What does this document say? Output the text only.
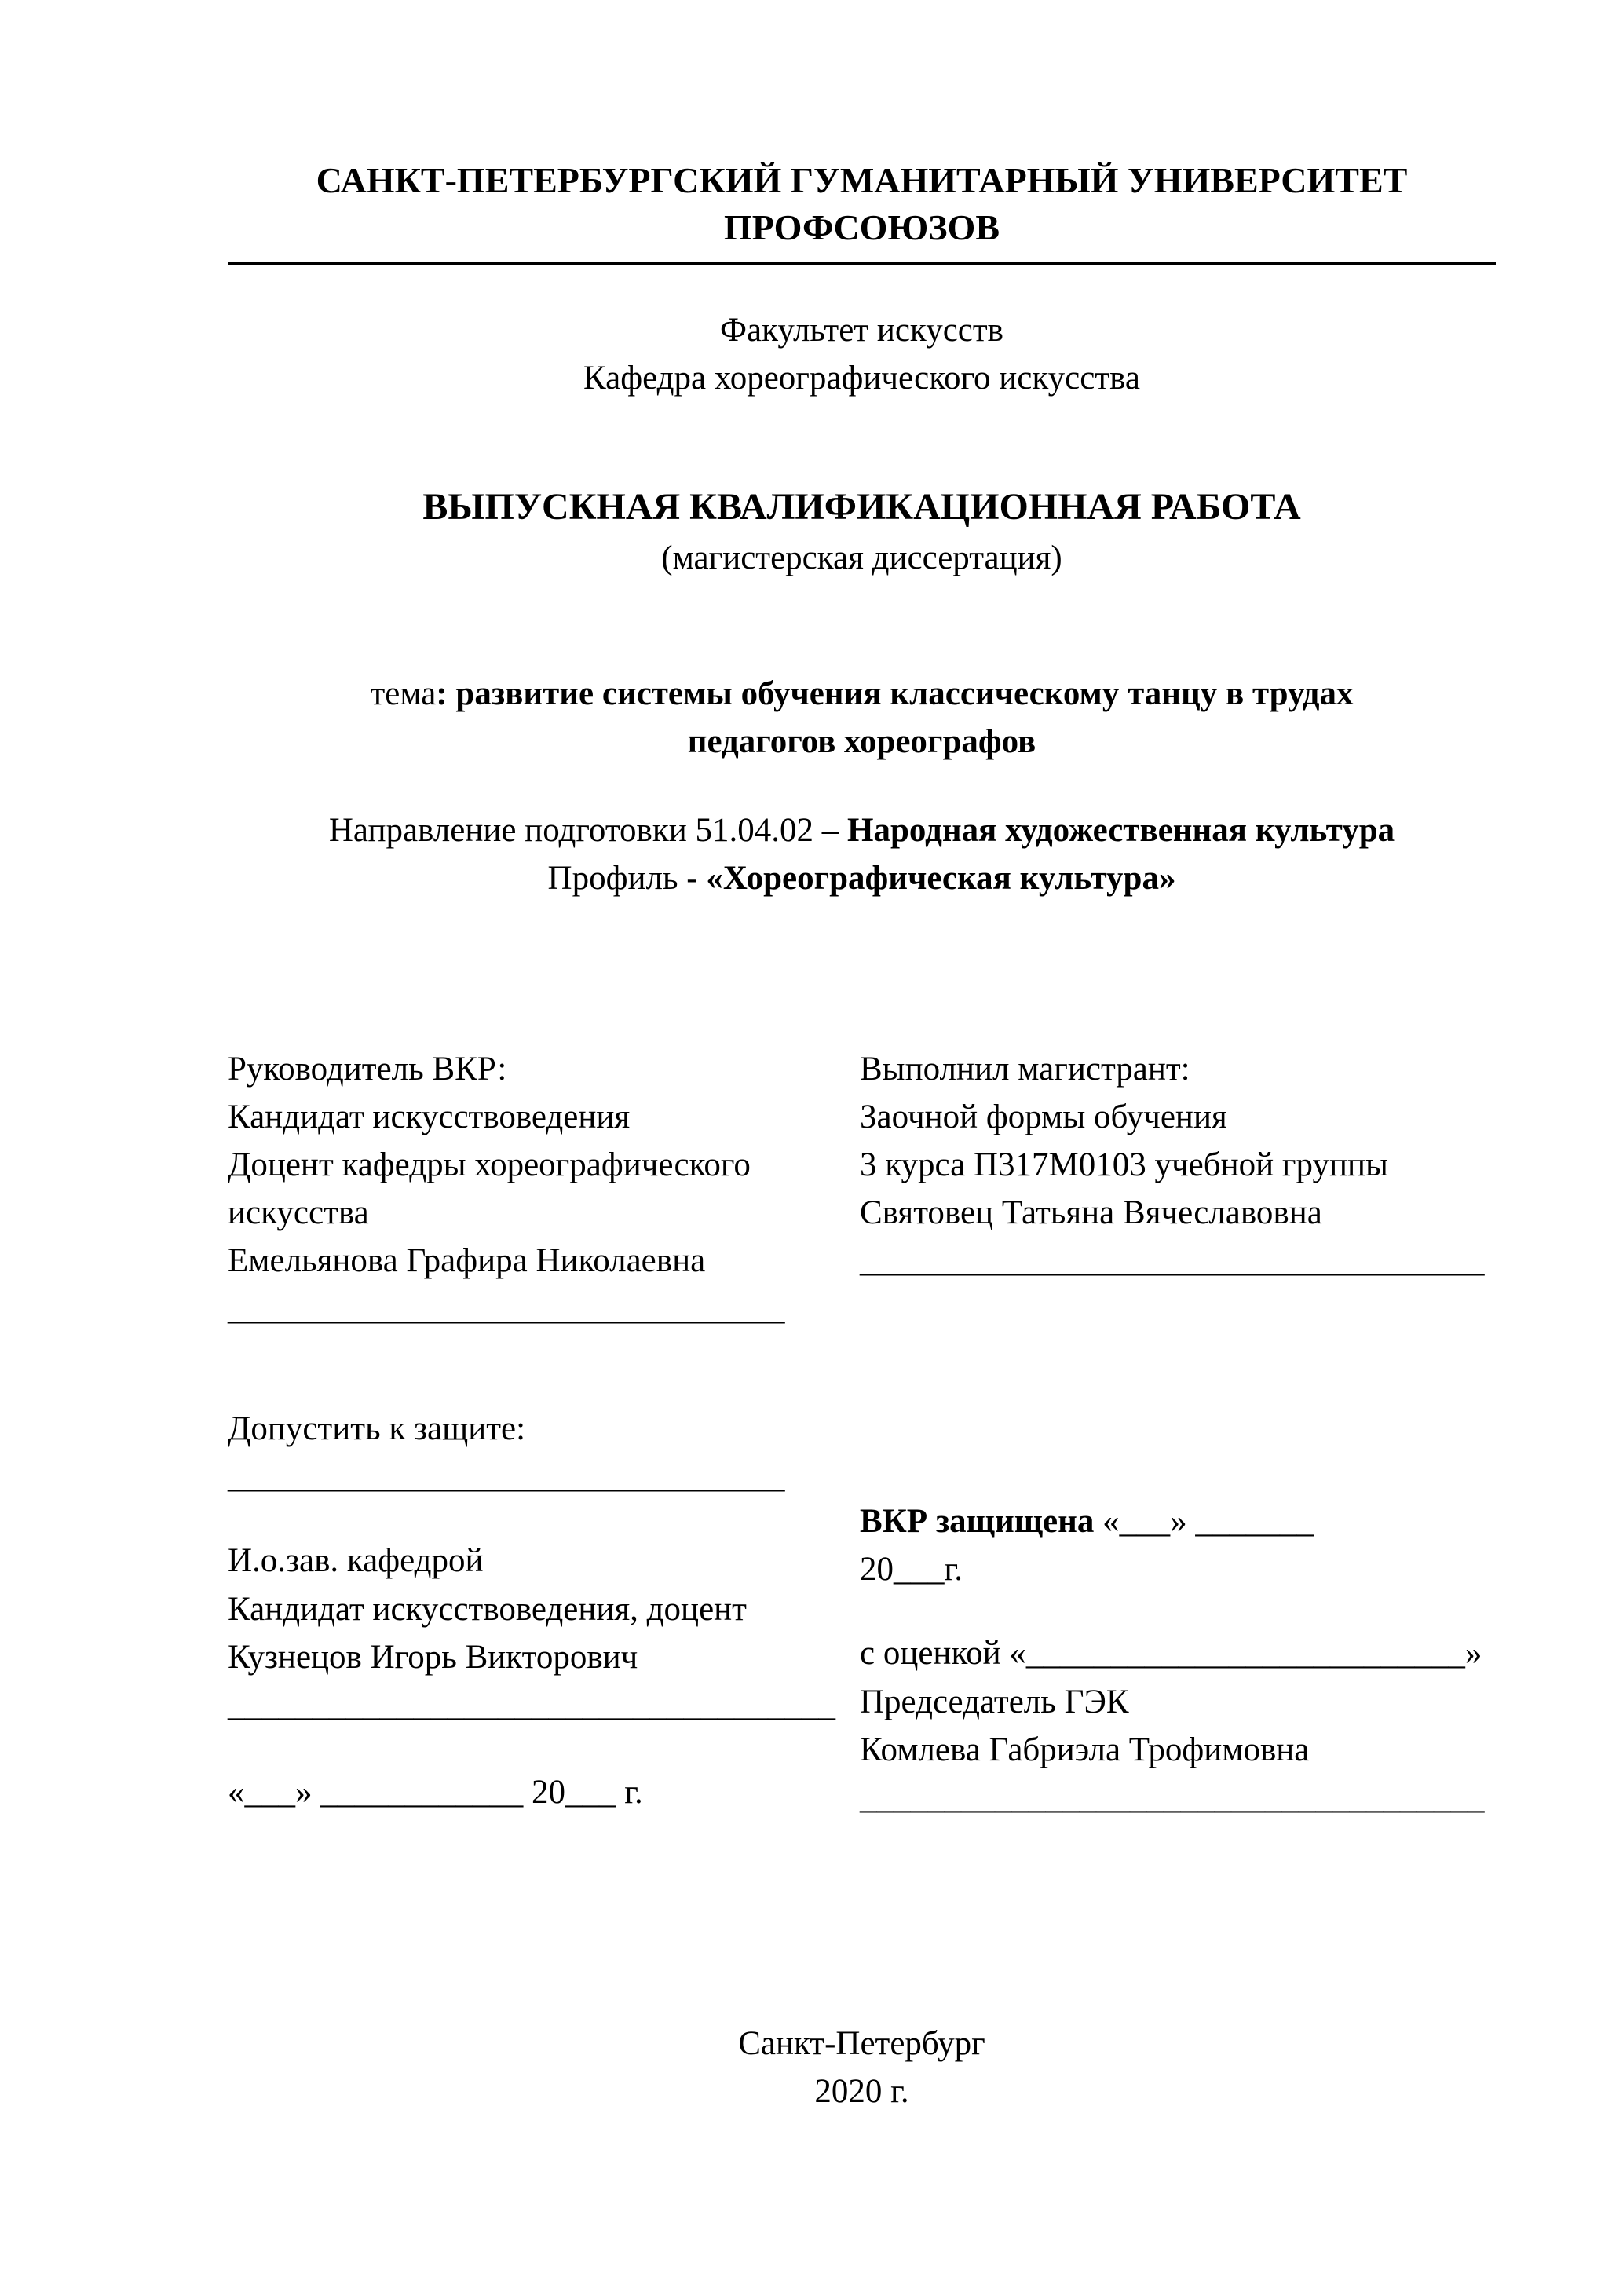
САНКТ-ПЕТЕРБУРГСКИЙ ГУМАНИТАРНЫЙ УНИВЕРСИТЕТ
ПРОФСОЮЗОВ
Факультет искусств
Кафедра хореографического искусства
ВЫПУСКНАЯ КВАЛИФИКАЦИОННАЯ РАБОТА
(магистерская диссертация)
тема: развитие системы обучения классическому танцу в трудах педагогов хореографов
Направление подготовки 51.04.02 – Народная художественная культура
Профиль - «Хореографическая культура»
Руководитель ВКР:
Кандидат искусствоведения
Доцент кафедры хореографического искусства
Емельянова Графира Николаевна
_________________________________
Выполнил магистрант:
Заочной формы обучения
3 курса П317М0103 учебной группы
Святовец Татьяна Вячеславовна
_____________________________________
Допустить к защите:
_________________________________
И.о.зав. кафедрой
Кандидат искусствоведения, доцент
Кузнецов Игорь Викторович
____________________________________
«___» ____________ 20___ г.
ВКР защищена «___» _______
20___г.
с оценкой «__________________________»
Председатель ГЭК
Комлева Габриэла Трофимовна
_____________________________________
Санкт-Петербург
2020 г.
